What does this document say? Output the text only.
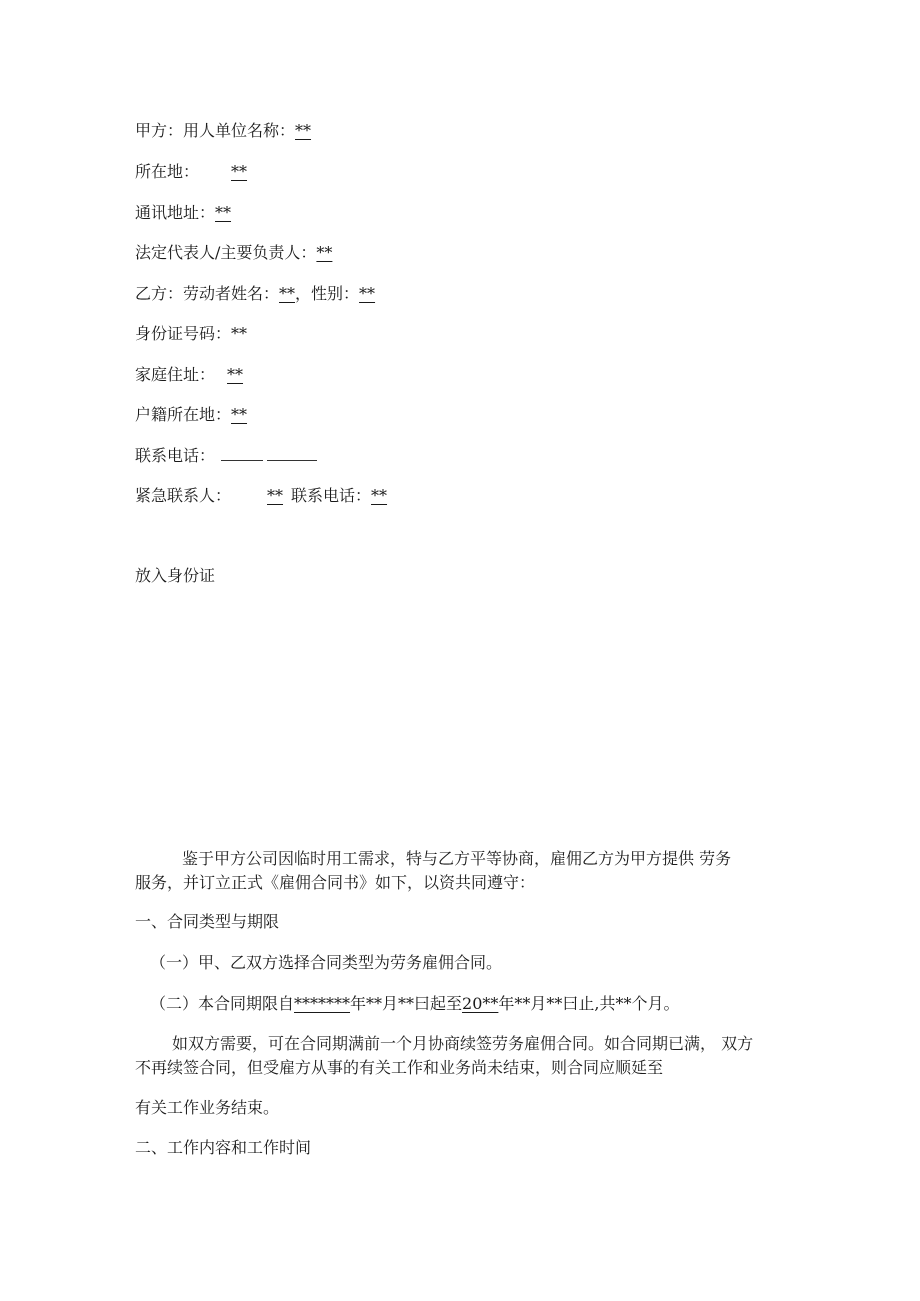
甲方：用人单位名称：**
所在地： **
通讯地址：**
法定代表人/主要负责人：**
乙方：劳动者姓名：**，性别：**
身份证号码：**
家庭住址： **
户籍所在地：**
联系电话：
紧急联系人： ** 联系电话：**
放入身份证
鉴于甲方公司因临时用工需求，特与乙方平等协商，雇佣乙方为甲方提供 劳务
服务，并订立正式《雇佣合同书》如下，以资共同遵守：
一、合同类型与期限
（一）甲、乙双方选择合同类型为劳务雇佣合同。
（二）本合同期限自*******年**月**曰起至20**年**月**曰止,共**个月。
如双方需要，可在合同期满前一个月协商续签劳务雇佣合同。如合同期已满， 双方
不再续签合同，但受雇方从事的有关工作和业务尚未结束，则合同应顺延至
有关工作业务结束。
二、工作内容和工作时间
